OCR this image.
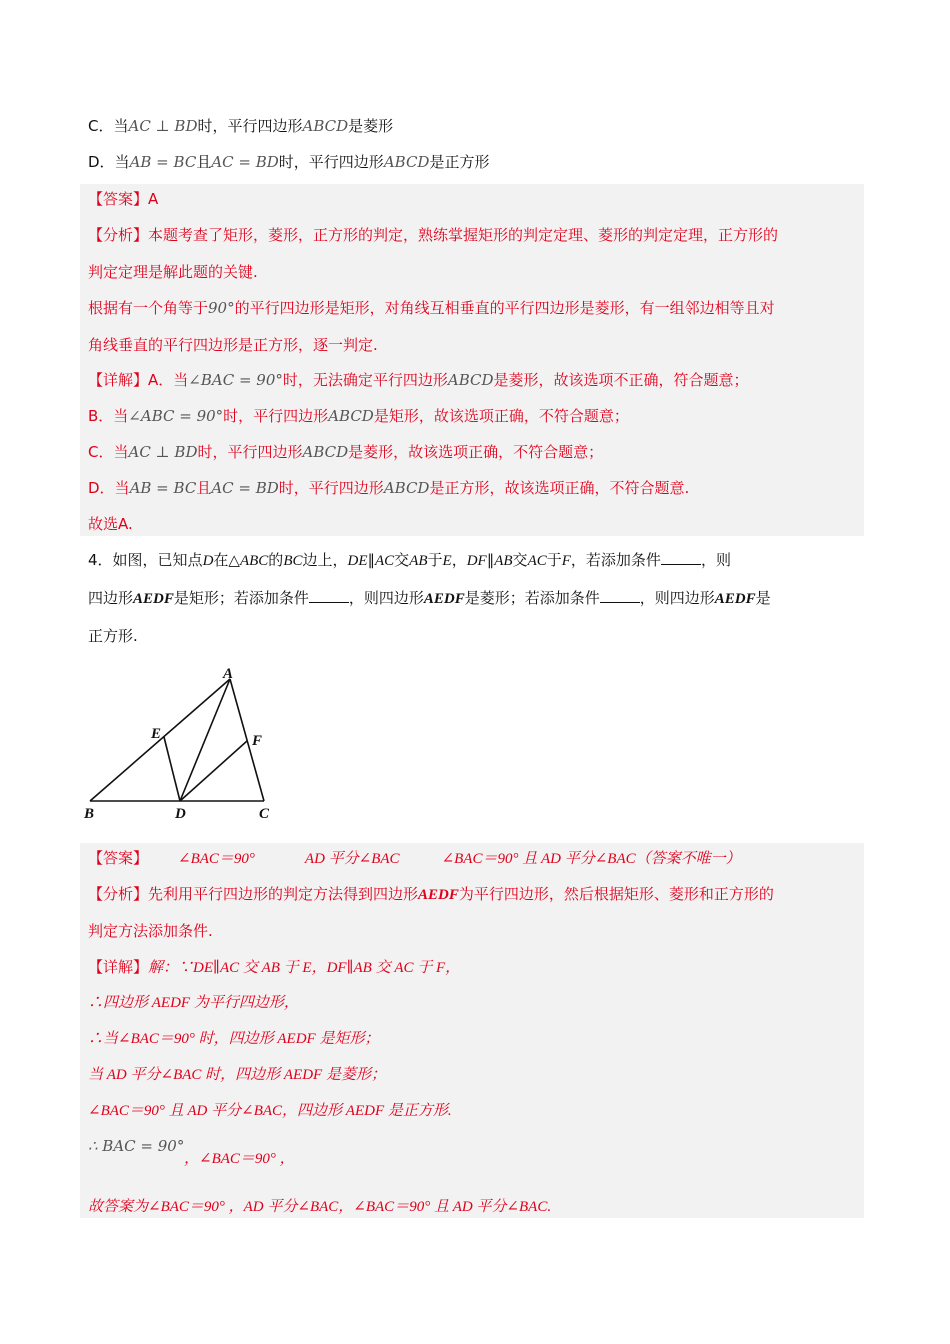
C．当AC ⊥ BD时，平行四边形ABCD是菱形
D．当AB = BC且AC = BD时，平行四边形ABCD是正方形
【答案】A
【分析】本题考查了矩形，菱形，正方形的判定，熟练掌握矩形的判定定理、菱形的判定定理，正方形的
判定定理是解此题的关键.
根据有一个角等于90°的平行四边形是矩形，对角线互相垂直的平行四边形是菱形，有一组邻边相等且对
角线垂直的平行四边形是正方形，逐一判定.
【详解】A．当∠BAC = 90°时，无法确定平行四边形ABCD是菱形，故该选项不正确，符合题意；
B．当∠ABC = 90°时，平行四边形ABCD是矩形，故该选项正确，不符合题意；
C．当AC ⊥ BD时，平行四边形ABCD是菱形，故该选项正确，不符合题意；
D．当AB = BC且AC = BD时，平行四边形ABCD是正方形，故该选项正确，不符合题意.
故选A.
4．如图，已知点D在△ABC的BC边上，DE∥AC交AB于E，DF∥AB交AC于F，若添加条件	，则
四边形AEDF是矩形；若添加条件	，则四边形AEDF是菱形；若添加条件	，则四边形AEDF是
正方形.
A
E	F
B	D	C
【答案】 ∠BAC＝90°	AD 平分∠BAC	∠BAC＝90° 且 AD 平分∠BAC（答案不唯一）
【分析】先利用平行四边形的判定方法得到四边形AEDF为平行四边形，然后根据矩形、菱形和正方形的
判定方法添加条件.
【详解】解：∵DE∥AC 交 AB 于 E，DF∥AB 交 AC 于 F，
∴四边形 AEDF 为平行四边形，
∴当∠BAC＝90° 时，四边形 AEDF 是矩形；
当 AD 平分∠BAC 时，四边形 AEDF 是菱形；
∠BAC＝90° 且 AD 平分∠BAC，四边形 AEDF 是正方形.
∴ BAC = 90°
，∠BAC＝90° ，
故答案为∠BAC＝90° ，AD 平分∠BAC，∠BAC＝90° 且 AD 平分∠BAC.
